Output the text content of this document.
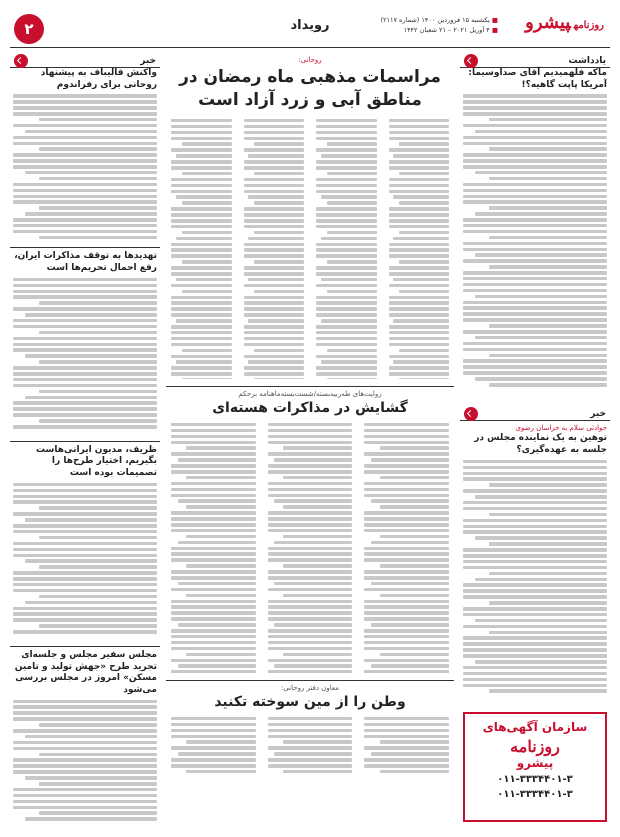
۲	رویداد	روزنامهپیشرو
■ یکشنبه ۱۵ فروردین ۱۴۰۰ (شماره ۲۱۱۷)
■ ۴ آوریل ۲۰۲۱ – ۲۱ شعبان ۱۴۴۲
یادداشت
ماکه فلهمیدیم آقای صداوسیما: آمریکا پاپت گاهیه؟!
خبر
حوادثی سلام به خراسان رضوی
توهین به یک نماینده مجلس در جلسه به عهده‌گیری؟
سازمان آگهی‌های
روزنامه
پیشرو
۰۱۱-۳۳۳۴۴۰۱-۳
۰۱۱-۳۳۳۴۴۰۱-۳
روحانی:
مراسمات مذهبی ماه رمضان در مناطق آبی و زرد آزاد است
روایت‌های طه‌ربیه‌بسته/شست‌بسته‌ماهنامه بر‌حکم
گشایش در مذاکرات هسته‌ای
معاون دفتر روحانی:
وطن را از مین سوخته تکنید
خبر
واکنش قالیباف به پیشنهاد روحانی برای رفراندوم
تهدید‌ها به توقف مذاکرات ایران، رفع احمال تحریم‌ها است
ظریف، مدیون ایرانی‌هاست بگیریم، اختیار طرح‌ها را تصمیمات بوده است
مجلس سفیر مجلس و جلسه‌ای تجرید طرح «جهش تولید و تامین مسکن» امروز در مجلس بررسی می‌شود
